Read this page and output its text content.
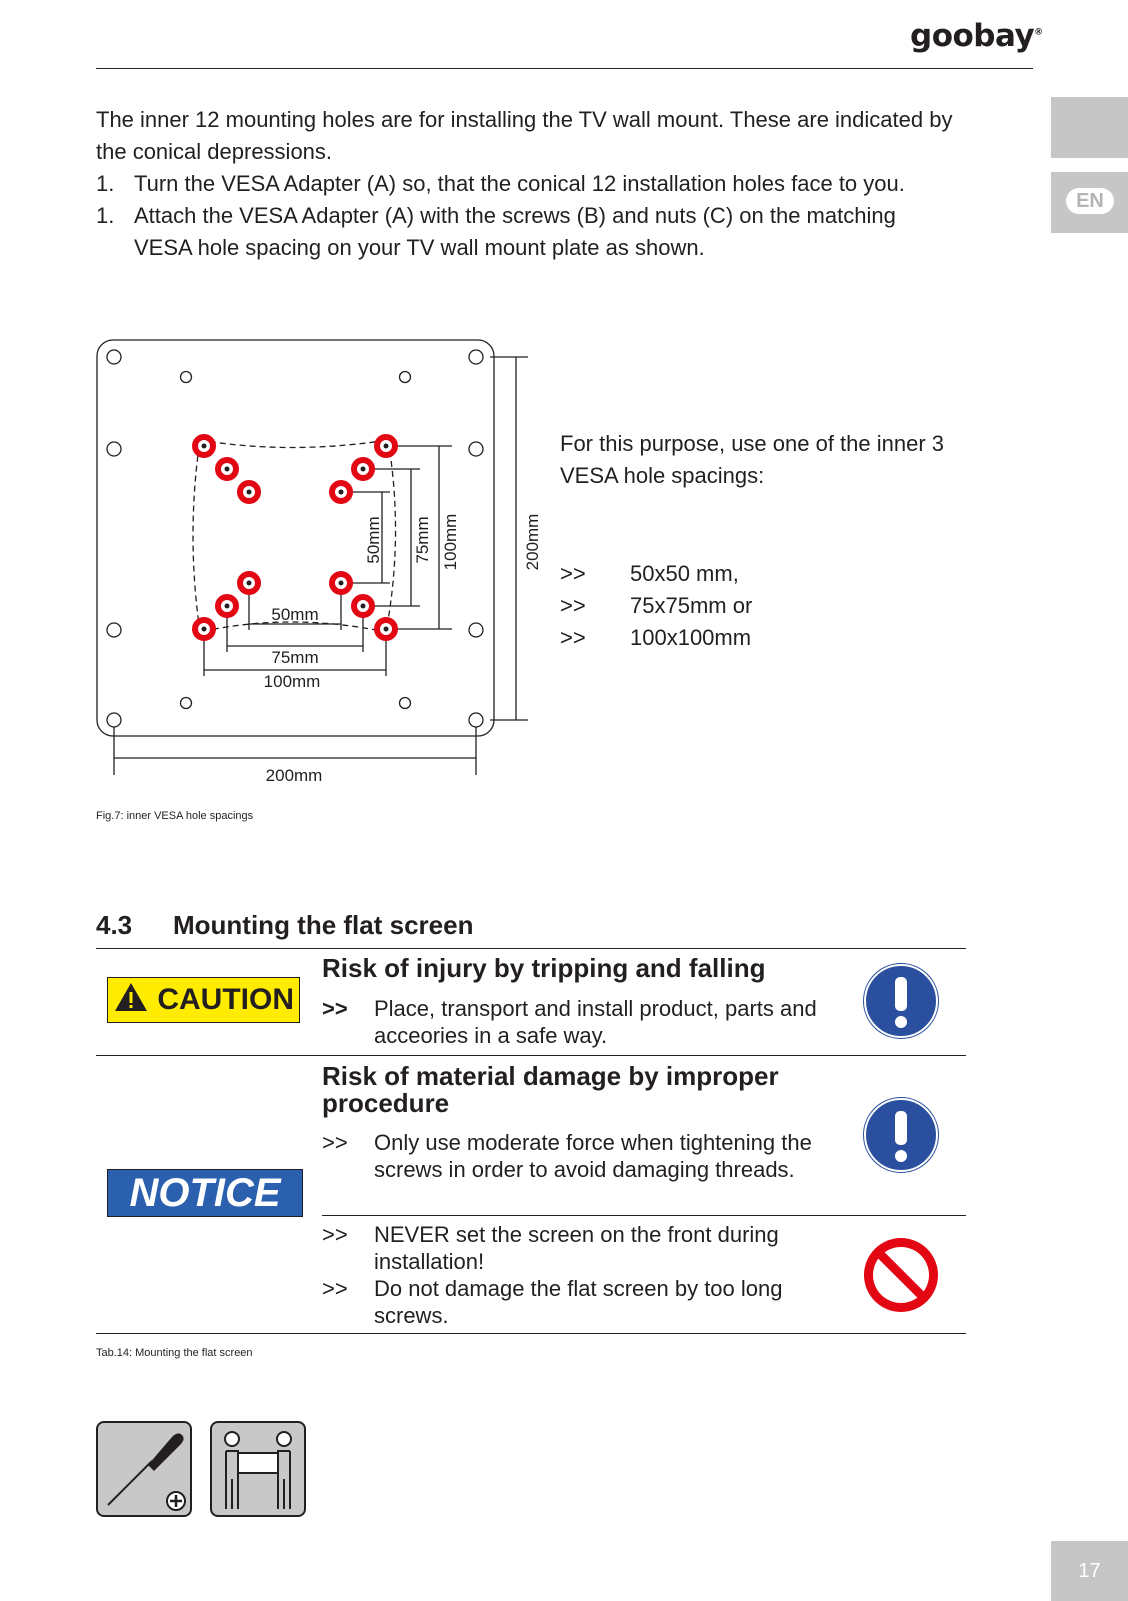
goobay®
EN

The inner 12 mounting holes are for installing the TV wall mount. These are indicated by the conical depressions.

1. Turn the VESA Adapter (A) so, that the conical 12 installation holes face to you.
1. Attach the VESA Adapter (A) with the screws (B) and nuts (C) on the matching VESA hole spacing on your TV wall mount plate as shown.
50mm
75mm
100mm
200mm
50mm 75mm 100mm	200mm
For this purpose, use one of the inner 3 VESA hole spacings:
>>	50x50 mm,
>>	75x75mm or
>>	100x100mm
Fig.7: inner VESA hole spacings
4.3 Mounting the flat screen
CAUTION
Risk of injury by tripping and falling
>>	Place, transport and install product, parts and acceories in a safe way.
Risk of material damage by improper procedure
NOTICE
>>	Only use moderate force when tightening the screws in order to avoid damaging threads.
>>	NEVER set the screen on the front during installation!
>>	Do not damage the flat screen by too long screws.
Tab.14: Mounting the flat screen
17
